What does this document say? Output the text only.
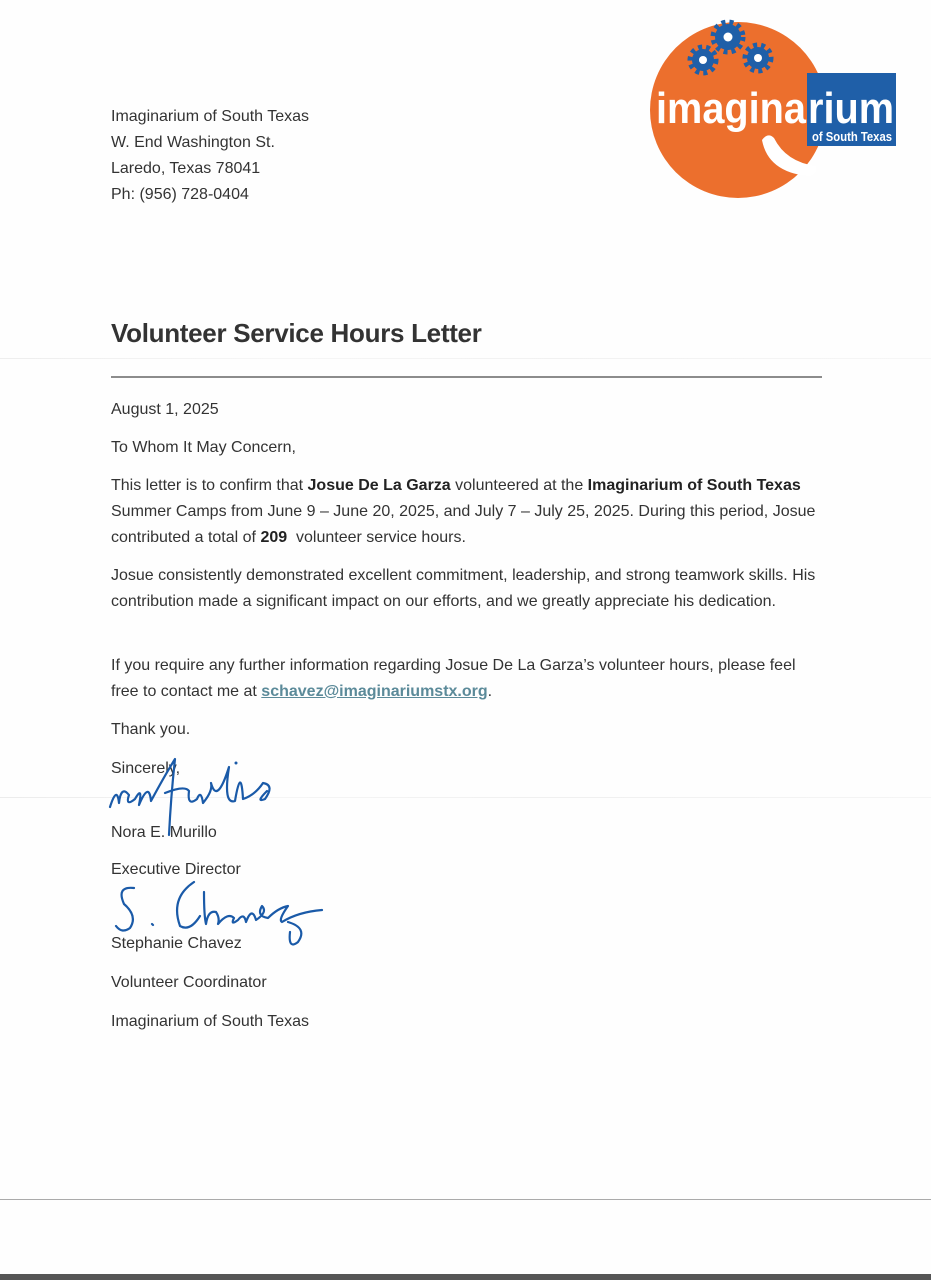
Imaginarium of South Texas
W. End Washington St.
Laredo, Texas 78041
Ph: (956) 728-0404
imagina rium
of South Texas
Volunteer Service Hours Letter
August 1, 2025
To Whom It May Concern,
This letter is to confirm that Josue De La Garza volunteered at the Imaginarium of South Texas Summer Camps from June 9 – June 20, 2025, and July 7 – July 25, 2025. During this period, Josue contributed a total of 209  volunteer service hours.
Josue consistently demonstrated excellent commitment, leadership, and strong teamwork skills. His contribution made a significant impact on our efforts, and we greatly appreciate his dedication.
If you require any further information regarding Josue De La Garza’s volunteer hours, please feel free to contact me at schavez@imaginariumstx.org.
Thank you.
Sincerely,
Nora E. Murillo
Executive Director
Stephanie Chavez
Volunteer Coordinator
Imaginarium of South Texas
